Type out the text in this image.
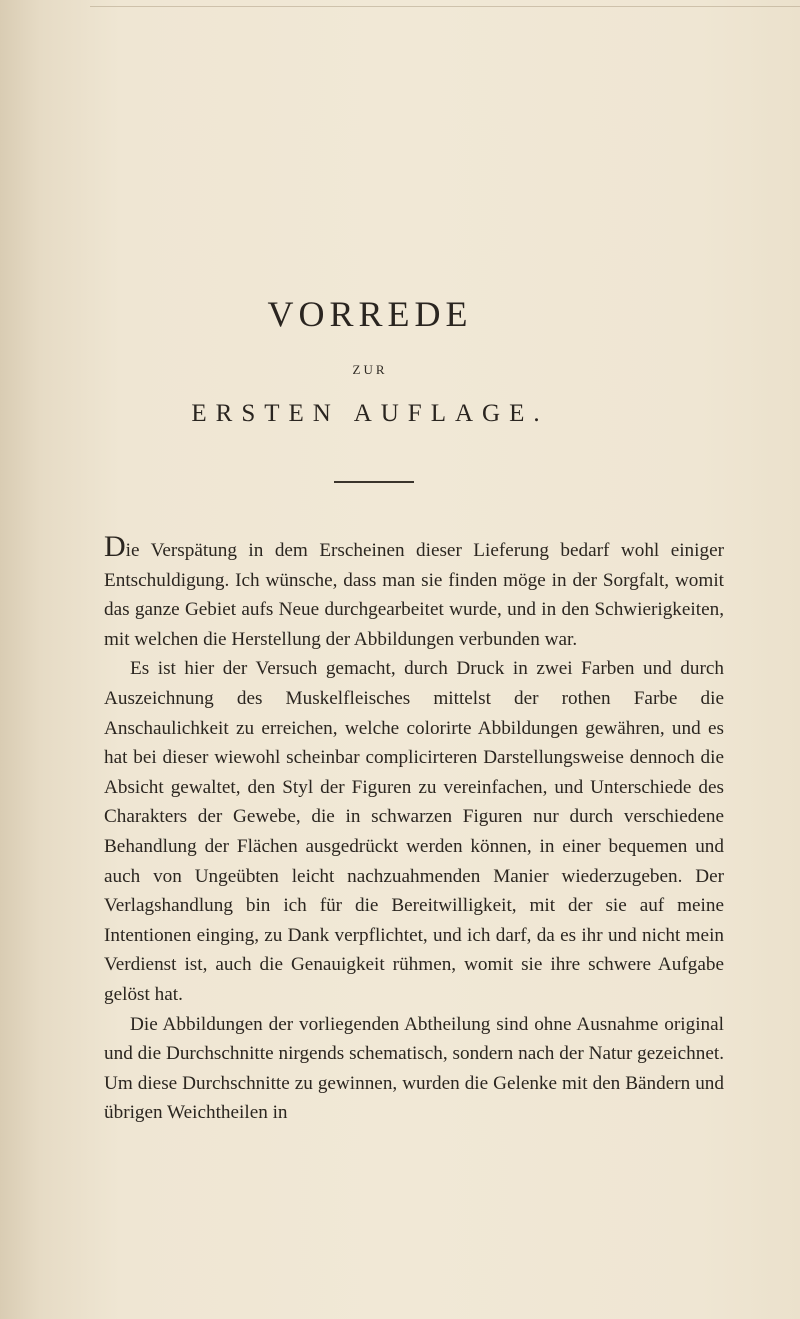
VORREDE
ZUR
ERSTEN AUFLAGE.

Die Verspätung in dem Erscheinen dieser Lieferung bedarf wohl einiger Entschuldigung. Ich wünsche, dass man sie finden möge in der Sorgfalt, womit das ganze Gebiet aufs Neue durchgearbeitet wurde, und in den Schwierigkeiten, mit welchen die Herstellung der Abbildungen verbunden war.

Es ist hier der Versuch gemacht, durch Druck in zwei Farben und durch Auszeichnung des Muskelfleisches mittelst der rothen Farbe die Anschaulichkeit zu erreichen, welche colorirte Abbildungen gewähren, und es hat bei dieser wiewohl scheinbar complicirteren Darstellungsweise dennoch die Absicht gewaltet, den Styl der Figuren zu vereinfachen, und Unterschiede des Charakters der Gewebe, die in schwarzen Figuren nur durch verschiedene Behandlung der Flächen ausgedrückt werden können, in einer bequemen und auch von Ungeübten leicht nachzuahmenden Manier wiederzugeben. Der Verlagshandlung bin ich für die Bereitwilligkeit, mit der sie auf meine Intentionen einging, zu Dank verpflichtet, und ich darf, da es ihr und nicht mein Verdienst ist, auch die Genauigkeit rühmen, womit sie ihre schwere Aufgabe gelöst hat.

Die Abbildungen der vorliegenden Abtheilung sind ohne Ausnahme original und die Durchschnitte nirgends schematisch, sondern nach der Natur gezeichnet. Um diese Durchschnitte zu gewinnen, wurden die Gelenke mit den Bändern und übrigen Weichtheilen in
